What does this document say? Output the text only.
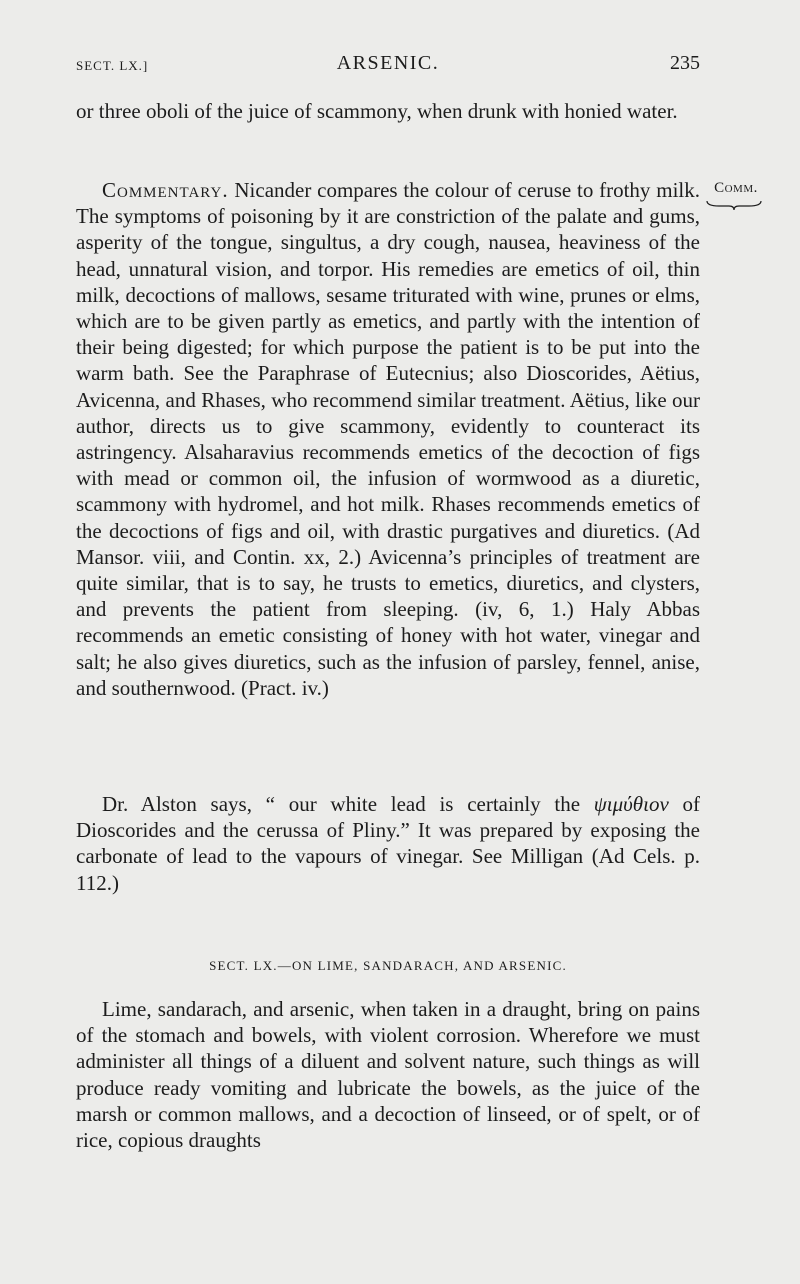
SECT. LX.]	ARSENIC.	235
or three oboli of the juice of scammony, when drunk with honied water.
Commentary. Nicander compares the colour of ceruse to frothy milk. The symptoms of poisoning by it are constriction of the palate and gums, asperity of the tongue, singultus, a dry cough, nausea, heaviness of the head, unnatural vision, and torpor. His remedies are emetics of oil, thin milk, decoctions of mallows, sesame triturated with wine, prunes or elms, which are to be given partly as emetics, and partly with the intention of their being digested; for which purpose the patient is to be put into the warm bath. See the Paraphrase of Eutecnius; also Dioscorides, Aëtius, Avicenna, and Rhases, who recommend similar treatment. Aëtius, like our author, directs us to give scammony, evidently to counteract its astringency. Alsaharavius recommends emetics of the decoction of figs with mead or common oil, the infusion of wormwood as a diuretic, scammony with hydromel, and hot milk. Rhases recommends emetics of the decoctions of figs and oil, with drastic purgatives and diuretics. (Ad Mansor. viii, and Contin. xx, 2.) Avicenna’s principles of treatment are quite similar, that is to say, he trusts to emetics, diuretics, and clysters, and prevents the patient from sleeping. (iv, 6, 1.) Haly Abbas recommends an emetic consisting of honey with hot water, vinegar and salt; he also gives diuretics, such as the infusion of parsley, fennel, anise, and southernwood. (Pract. iv.)
Comm.
Dr. Alston says, “ our white lead is certainly the ψιμύθιον of Dioscorides and the cerussa of Pliny.” It was prepared by exposing the carbonate of lead to the vapours of vinegar. See Milligan (Ad Cels. p. 112.)
SECT. LX.—ON LIME, SANDARACH, AND ARSENIC.
Lime, sandarach, and arsenic, when taken in a draught, bring on pains of the stomach and bowels, with violent corrosion. Wherefore we must administer all things of a diluent and solvent nature, such things as will produce ready vomiting and lubricate the bowels, as the juice of the marsh or common mallows, and a decoction of linseed, or of spelt, or of rice, copious draughts
